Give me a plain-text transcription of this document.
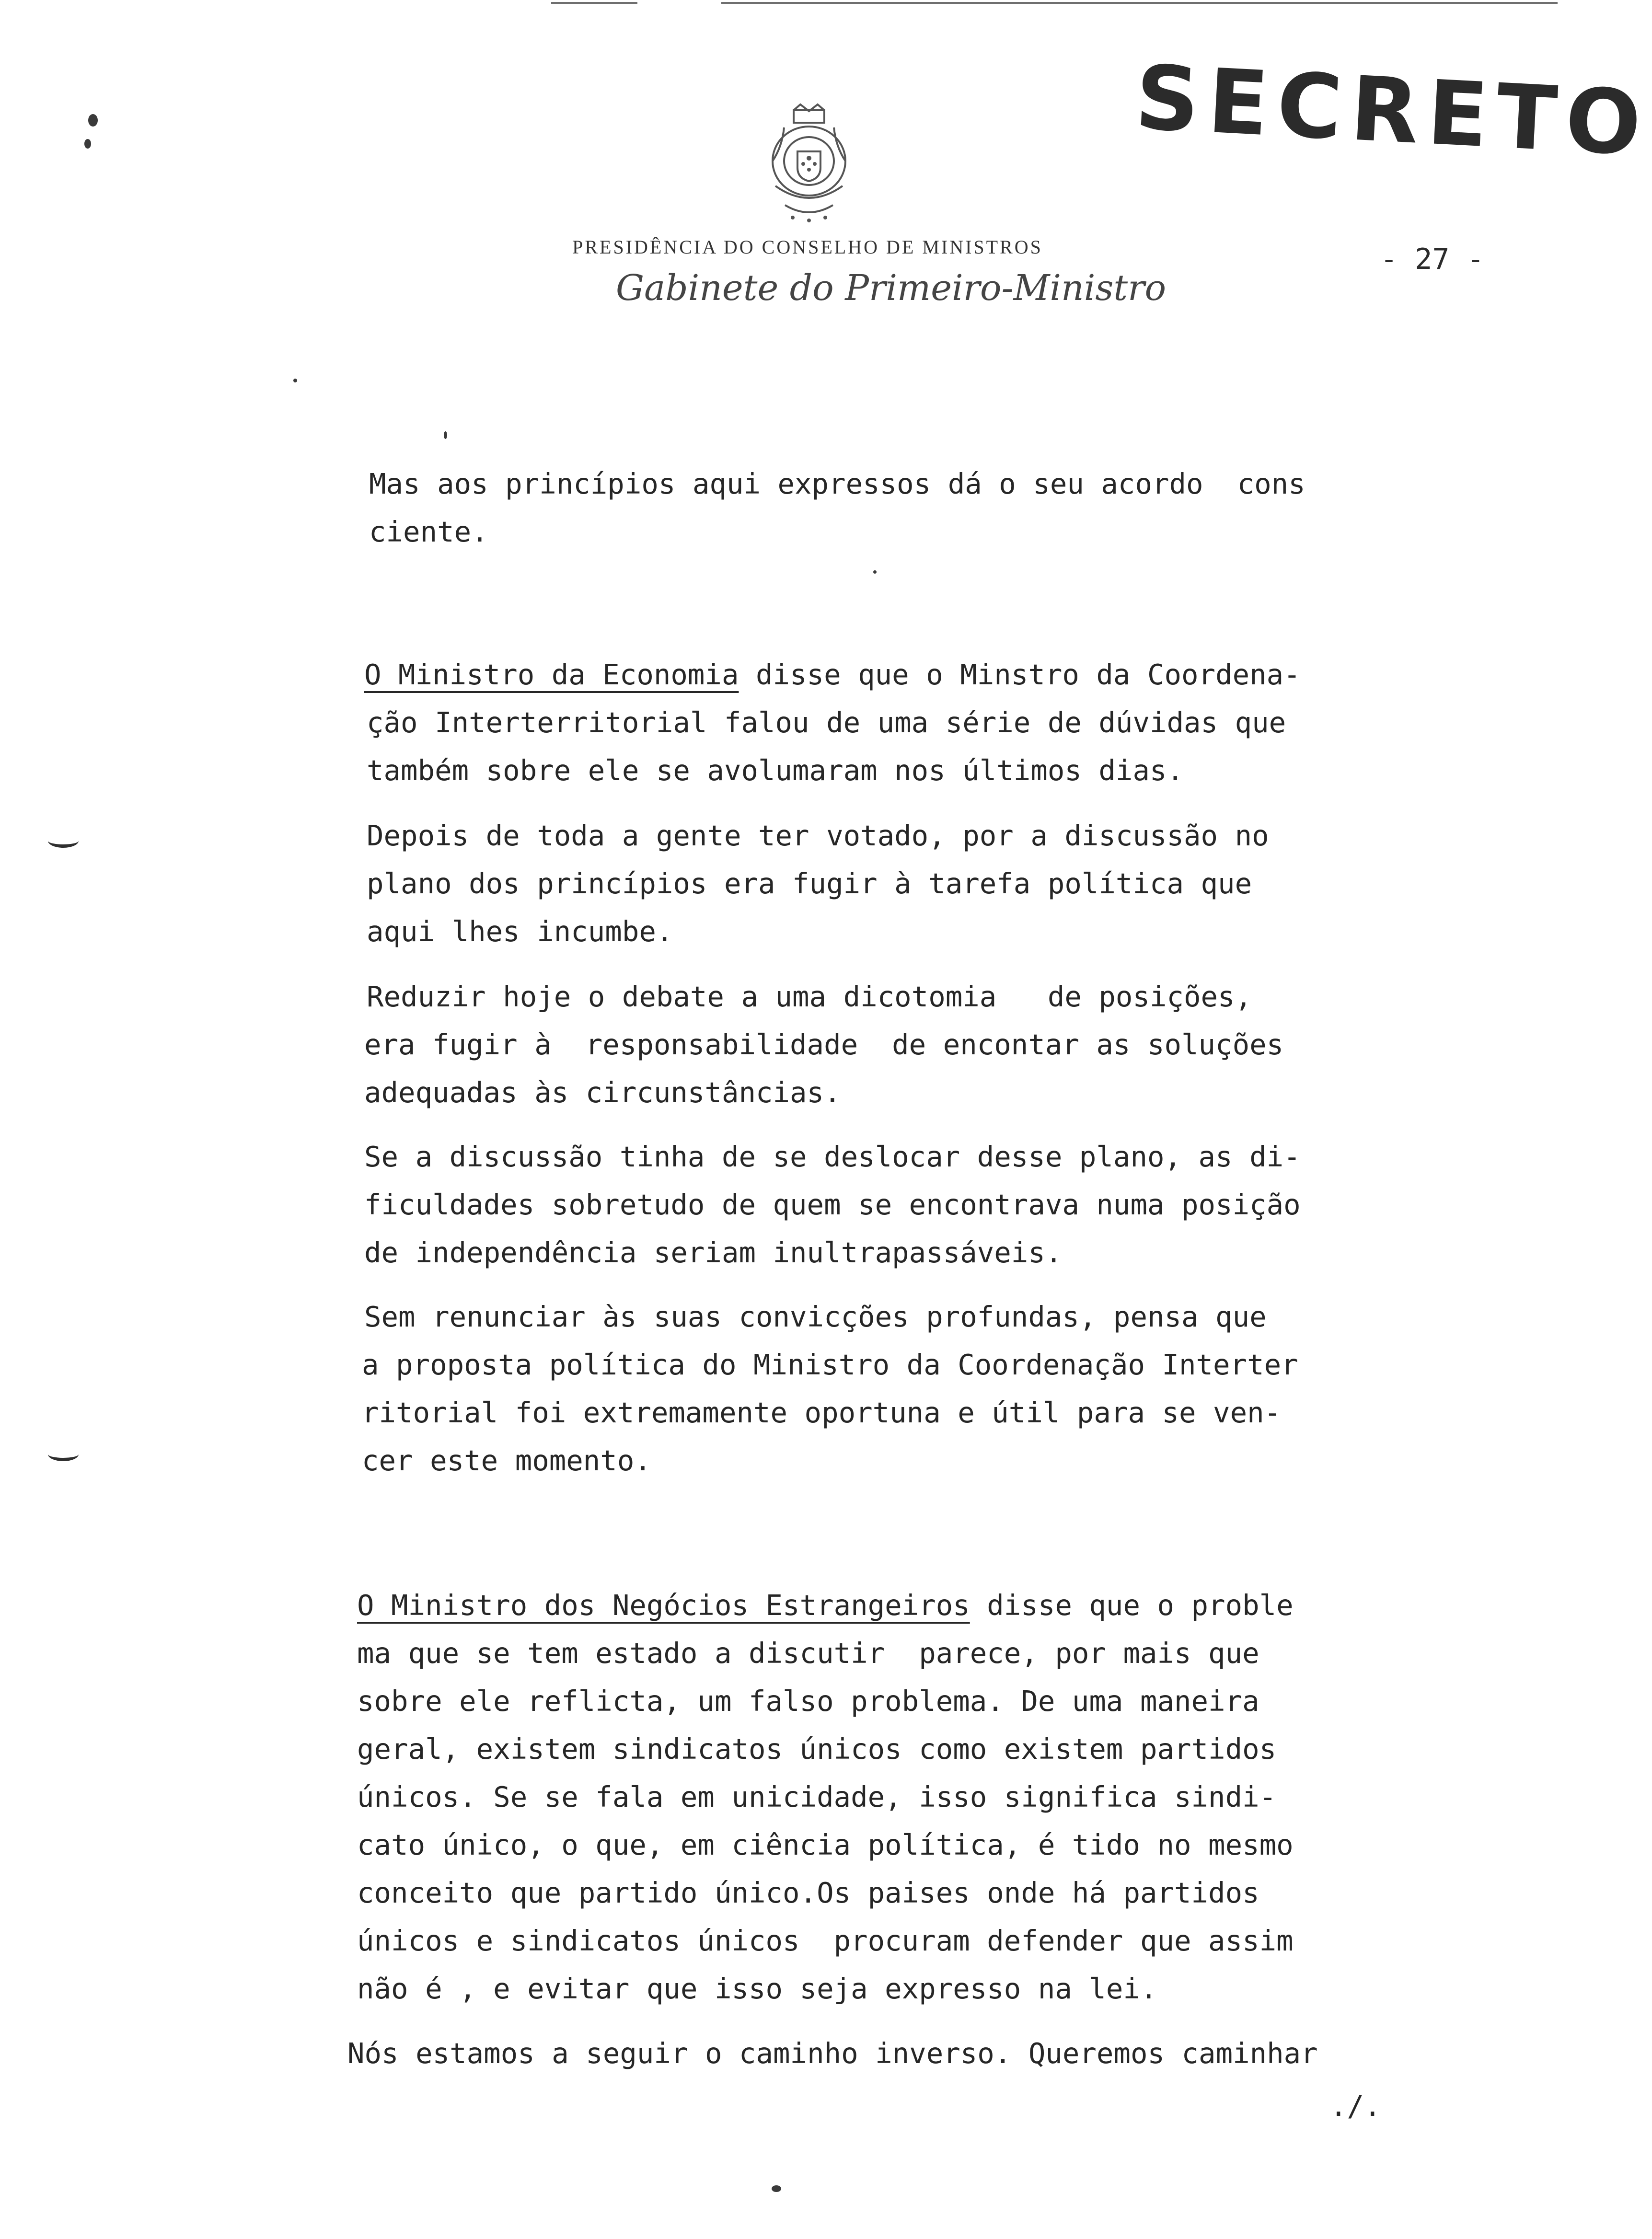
SECRETO
PRESIDÊNCIA DO CONSELHO DE MINISTROS
Gabinete do Primeiro-Ministro
- 27 -
Mas aos princípios aqui expressos dá o seu acordo  cons
ciente.
O Ministro da Economia disse que o Minstro da Coordena-
ção Interterritorial falou de uma série de dúvidas que
também sobre ele se avolumaram nos últimos dias.
Depois de toda a gente ter votado, por a discussão no
plano dos princípios era fugir à tarefa política que
aqui lhes incumbe.
Reduzir hoje o debate a uma dicotomia   de posições,
era fugir à  responsabilidade  de encontar as soluções
adequadas às circunstâncias.
Se a discussão tinha de se deslocar desse plano, as di-
ficuldades sobretudo de quem se encontrava numa posição
de independência seriam inultrapassáveis.
Sem renunciar às suas convicções profundas, pensa que
a proposta política do Ministro da Coordenação Interter
ritorial foi extremamente oportuna e útil para se ven-
cer este momento.
O Ministro dos Negócios Estrangeiros disse que o proble
ma que se tem estado a discutir  parece, por mais que
sobre ele reflicta, um falso problema. De uma maneira
geral, existem sindicatos únicos como existem partidos
únicos. Se se fala em unicidade, isso significa sindi-
cato único, o que, em ciência política, é tido no mesmo
conceito que partido único.Os paises onde há partidos
únicos e sindicatos únicos  procuram defender que assim
não é , e evitar que isso seja expresso na lei.
Nós estamos a seguir o caminho inverso. Queremos caminhar
./.
